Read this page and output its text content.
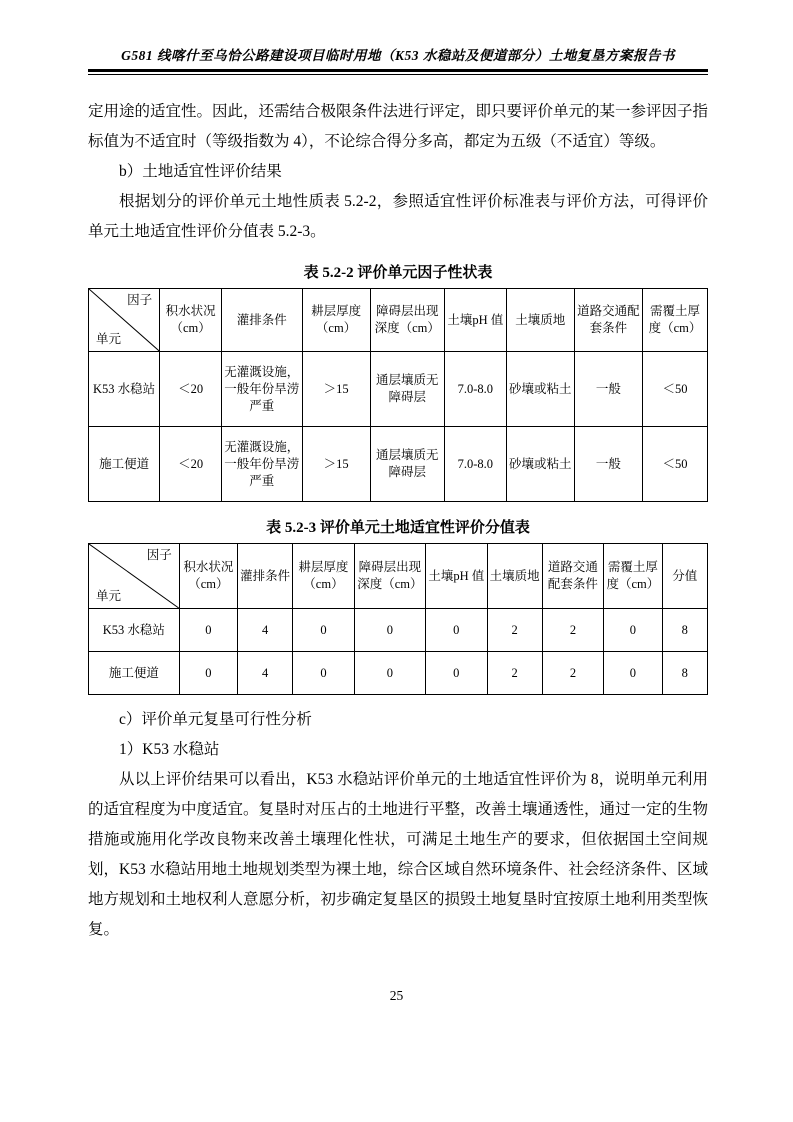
G581 线喀什至乌恰公路建设项目临时用地（K53 水稳站及便道部分）土地复垦方案报告书

定用途的适宜性。因此，还需结合极限条件法进行评定，即只要评价单元的某一参评因子指标值为不适宜时（等级指数为 4），不论综合得分多高，都定为五级（不适宜）等级。

b）土地适宜性评价结果

根据划分的评价单元土地性质表 5.2-2，参照适宜性评价标准表与评价方法，可得评价单元土地适宜性评价分值表 5.2-3。

表 5.2-2 评价单元因子性状表
因子
单元	积水状况（cm）	灌排条件	耕层厚度（cm）	障碍层出现深度（cm）	土壤pH 值	土壤质地	道路交通配套条件	需覆土厚度（cm）
K53 水稳站	＜20	无灌溉设施，一般年份旱涝严重	＞15	通层壤质无障碍层	7.0-8.0	砂壤或粘土	一般	＜50
施工便道	＜20	无灌溉设施，一般年份旱涝严重	＞15	通层壤质无障碍层	7.0-8.0	砂壤或粘土	一般	＜50
表 5.2-3 评价单元土地适宜性评价分值表
因子
单元	积水状况（cm）	灌排条件	耕层厚度（cm）	障碍层出现深度（cm）	土壤pH 值	土壤质地	道路交通配套条件	需覆土厚度（cm）	分值
K53 水稳站	0	4	0	0	0	2	2	0	8
施工便道	0	4	0	0	0	2	2	0	8

c）评价单元复垦可行性分析

1）K53 水稳站

从以上评价结果可以看出，K53 水稳站评价单元的土地适宜性评价为 8，说明单元利用的适宜程度为中度适宜。复垦时对压占的土地进行平整，改善土壤通透性，通过一定的生物措施或施用化学改良物来改善土壤理化性状，可满足土地生产的要求，但依据国土空间规划，K53 水稳站用地土地规划类型为裸土地，综合区域自然环境条件、社会经济条件、区域地方规划和土地权利人意愿分析，初步确定复垦区的损毁土地复垦时宜按原土地利用类型恢复。

25
